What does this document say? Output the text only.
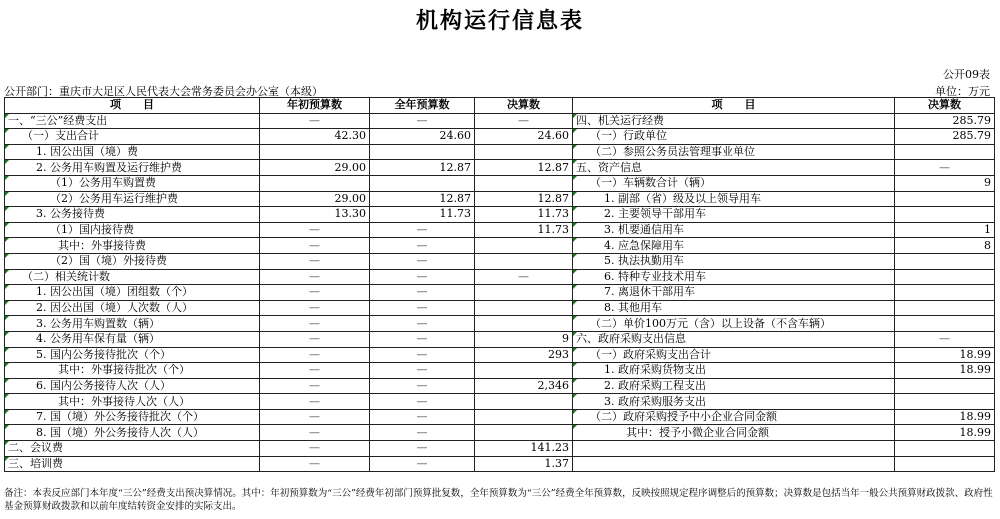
机构运行信息表
公开09表
公开部门：重庆市大足区人民代表大会常务委员会办公室（本级）	单位：万元
项　　目	年初预算数	全年预算数	决算数	项　　目	决算数
一、“三公”经费支出	—	—	—	四、机关运行经费	285.79
（一）支出合计	42.30	24.60	24.60	（一）行政单位	285.79
1. 因公出国（境）费				（二）参照公务员法管理事业单位	
2. 公务用车购置及运行维护费	29.00	12.87	12.87	五、资产信息	—
（1）公务用车购置费				（一）车辆数合计（辆）	9
（2）公务用车运行维护费	29.00	12.87	12.87	1. 副部（省）级及以上领导用车	
3. 公务接待费	13.30	11.73	11.73	2. 主要领导干部用车	
（1）国内接待费	—	—	11.73	3. 机要通信用车	1
其中：外事接待费	—	—		4. 应急保障用车	8
（2）国（境）外接待费	—	—		5. 执法执勤用车	
（二）相关统计数	—	—	—	6. 特种专业技术用车	
1. 因公出国（境）团组数（个）	—	—		7. 离退休干部用车	
2. 因公出国（境）人次数（人）	—	—		8. 其他用车	
3. 公务用车购置数（辆）	—	—		（二）单价100万元（含）以上设备（不含车辆）	
4. 公务用车保有量（辆）	—	—	9	六、政府采购支出信息	—
5. 国内公务接待批次（个）	—	—	293	（一）政府采购支出合计	18.99
其中：外事接待批次（个）	—	—		1. 政府采购货物支出	18.99
6. 国内公务接待人次（人）	—	—	2,346	2. 政府采购工程支出	
其中：外事接待人次（人）	—	—		3. 政府采购服务支出	
7. 国（境）外公务接待批次（个）	—	—		（二）政府采购授予中小企业合同金额	18.99
8. 国（境）外公务接待人次（人）	—	—		其中：授予小微企业合同金额	18.99
二、会议费	—	—	141.23		
三、培训费	—	—	1.37		
备注：本表反应部门本年度“三公”经费支出预决算情况。其中：年初预算数为“三公”经费年初部门预算批复数，全年预算数为“三公”经费全年预算数，反映按照规定程序调整后的预算数；决算数是包括当年一般公共预算财政拨款、政府性基金预算财政拨款和以前年度结转资金安排的实际支出。
